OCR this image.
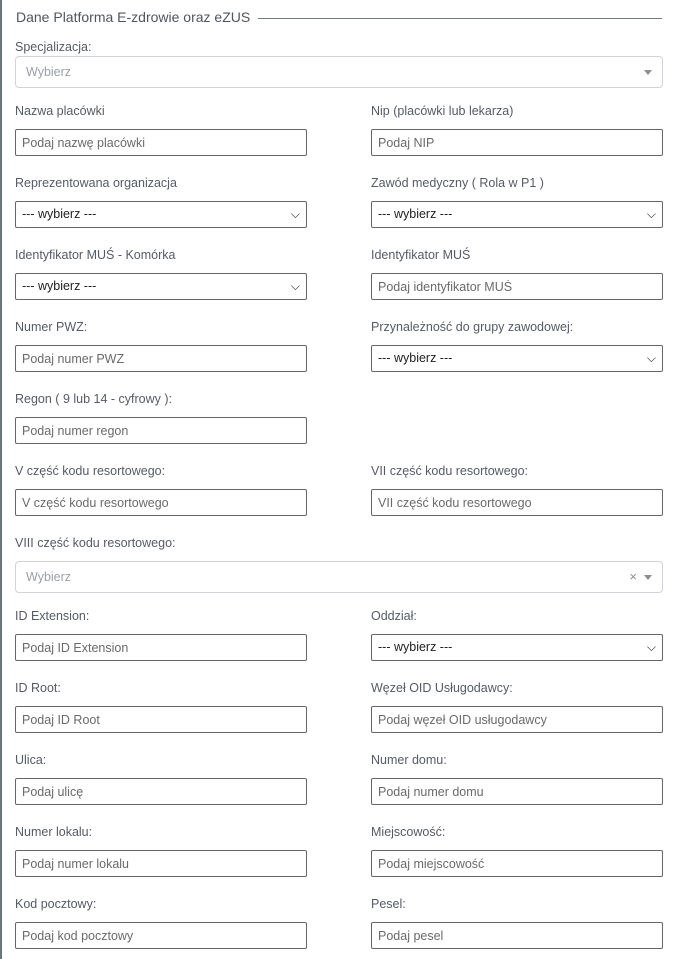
Dane Platforma E-zdrowie oraz eZUS
Specjalizacja:
Wybierz
Nazwa placówki	Nip (placówki lub lekarza)
Podaj nazwę placówki
Podaj NIP
Reprezentowana organizacja	Zawód medyczny ( Rola w P1 )
--- wybierz ---	⌵	--- wybierz ---	⌵
Identyfikator MUŚ - Komórka	Identyfikator MUŚ
--- wybierz ---	⌵
Podaj identyfikator MUŚ
Numer PWZ:	Przynależność do grupy zawodowej:
Podaj numer PWZ
--- wybierz ---	⌵
Regon ( 9 lub 14 - cyfrowy ):
Podaj numer regon
V część kodu resortowego:	VII część kodu resortowego:
V część kodu resortowego
VII część kodu resortowego
VIII część kodu resortowego:
Wybierz	×
ID Extension:	Oddział:
Podaj ID Extension
--- wybierz ---	⌵
ID Root:	Węzeł OID Usługodawcy:
Podaj ID Root
Podaj węzeł OID usługodawcy
Ulica:	Numer domu:
Podaj ulicę
Podaj numer domu
Numer lokalu:	Miejscowość:
Podaj numer lokalu
Podaj miejscowość
Kod pocztowy:	Pesel:
Podaj kod pocztowy
Podaj pesel
